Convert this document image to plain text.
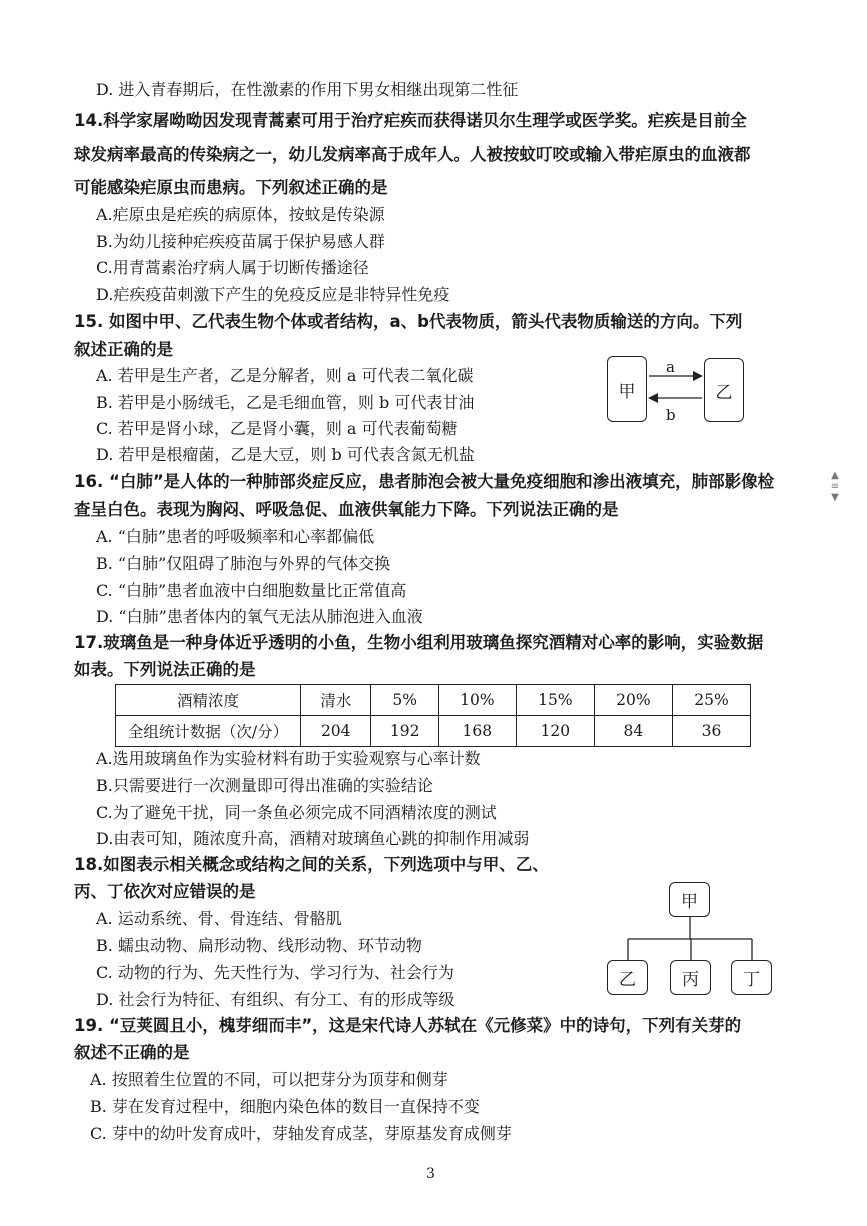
D. 进入青春期后，在性激素的作用下男女相继出现第二性征
14.科学家屠呦呦因发现青蒿素可用于治疗疟疾而获得诺贝尔生理学或医学奖。疟疾是目前全
球发病率最高的传染病之一，幼儿发病率高于成年人。人被按蚊叮咬或输入带疟原虫的血液都
可能感染疟原虫而患病。下列叙述正确的是
A.疟原虫是疟疾的病原体，按蚊是传染源
B.为幼儿接种疟疾疫苗属于保护易感人群
C.用青蒿素治疗病人属于切断传播途径
D.疟疾疫苗刺激下产生的免疫反应是非特异性免疫
15. 如图中甲、乙代表生物个体或者结构，a、b代表物质，箭头代表物质输送的方向。下列
叙述正确的是
A. 若甲是生产者，乙是分解者，则 a 可代表二氧化碳
B. 若甲是小肠绒毛，乙是毛细血管，则 b 可代表甘油
C. 若甲是肾小球，乙是肾小囊，则 a 可代表葡萄糖
D. 若甲是根瘤菌，乙是大豆，则 b 可代表含氮无机盐
16. “白肺”是人体的一种肺部炎症反应，患者肺泡会被大量免疫细胞和渗出液填充，肺部影像检
查呈白色。表现为胸闷、呼吸急促、血液供氧能力下降。下列说法正确的是
A. “白肺”患者的呼吸频率和心率都偏低
B. “白肺”仅阻碍了肺泡与外界的气体交换
C. “白肺”患者血液中白细胞数量比正常值高
D. “白肺”患者体内的氧气无法从肺泡进入血液
17.玻璃鱼是一种身体近乎透明的小鱼，生物小组利用玻璃鱼探究酒精对心率的影响，实验数据
如表。下列说法正确的是
酒精浓度	清水	5%	10%	15%	20%	25%
全组统计数据（次/分）	204	192	168	120	84	36
A.选用玻璃鱼作为实验材料有助于实验观察与心率计数
B.只需要进行一次测量即可得出准确的实验结论
C.为了避免干扰，同一条鱼必须完成不同酒精浓度的测试
D.由表可知，随浓度升高，酒精对玻璃鱼心跳的抑制作用减弱
18.如图表示相关概念或结构之间的关系，下列选项中与甲、乙、
丙、丁依次对应错误的是
A. 运动系统、骨、骨连结、骨骼肌
B. 蠕虫动物、扁形动物、线形动物、环节动物
C. 动物的行为、先天性行为、学习行为、社会行为
D. 社会行为特征、有组织、有分工、有的形成等级
19. “豆荚圆且小，槐芽细而丰”，这是宋代诗人苏轼在《元修菜》中的诗句，下列有关芽的
叙述不正确的是
A. 按照着生位置的不同，可以把芽分为顶芽和侧芽
B. 芽在发育过程中，细胞内染色体的数目一直保持不变
C. 芽中的幼叶发育成叶，芽轴发育成茎，芽原基发育成侧芽
甲	乙
a
b
甲
乙	丙	丁
▲
≡
▼
3
